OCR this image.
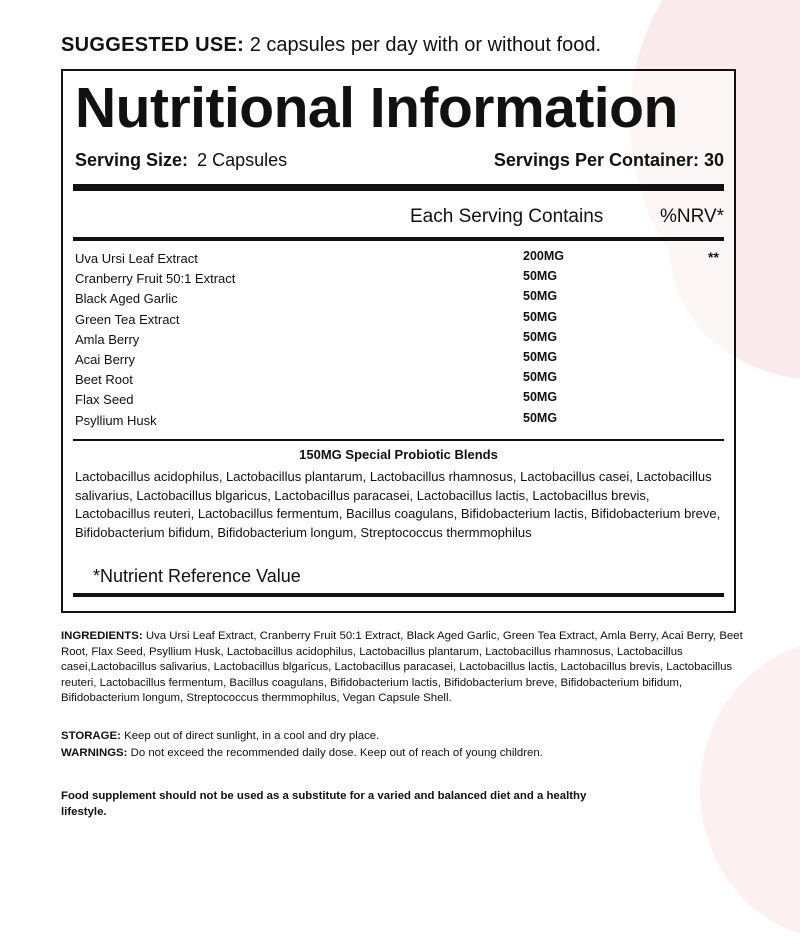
SUGGESTED USE: 2 capsules per day with or without food.
Nutritional Information
Serving Size: 2 Capsules	Servings Per Container: 30
Each Serving Contains	%NRV*
Uva Ursi Leaf Extract	200MG	**
Cranberry Fruit 50:1 Extract	50MG
Black Aged Garlic	50MG
Green Tea Extract	50MG
Amla Berry	50MG
Acai Berry	50MG
Beet Root	50MG
Flax Seed	50MG
Psyllium Husk	50MG
150MG Special Probiotic Blends

Lactobacillus acidophilus, Lactobacillus plantarum, Lactobacillus rhamnosus, Lactobacillus casei, Lactobacillus salivarius, Lactobacillus blgaricus, Lactobacillus paracasei, Lactobacillus lactis, Lactobacillus brevis, Lactobacillus reuteri, Lactobacillus fermentum, Bacillus coagulans, Bifidobacterium lactis, Bifidobacterium breve, Bifidobacterium bifidum, Bifidobacterium longum, Streptococcus thermmophilus

*Nutrient Reference Value

INGREDIENTS: Uva Ursi Leaf Extract, Cranberry Fruit 50:1 Extract, Black Aged Garlic, Green Tea Extract, Amla Berry, Acai Berry, Beet Root, Flax Seed, Psyllium Husk, Lactobacillus acidophilus, Lactobacillus plantarum, Lactobacillus rhamnosus, Lactobacillus casei,Lactobacillus salivarius, Lactobacillus blgaricus, Lactobacillus paracasei, Lactobacillus lactis, Lactobacillus brevis, Lactobacillus reuteri, Lactobacillus fermentum, Bacillus coagulans, Bifidobacterium lactis, Bifidobacterium breve, Bifidobacterium bifidum, Bifidobacterium longum, Streptococcus thermmophilus, Vegan Capsule Shell.

STORAGE: Keep out of direct sunlight, in a cool and dry place.

WARNINGS: Do not exceed the recommended daily dose. Keep out of reach of young children.

Food supplement should not be used as a substitute for a varied and balanced diet and a healthy lifestyle.
